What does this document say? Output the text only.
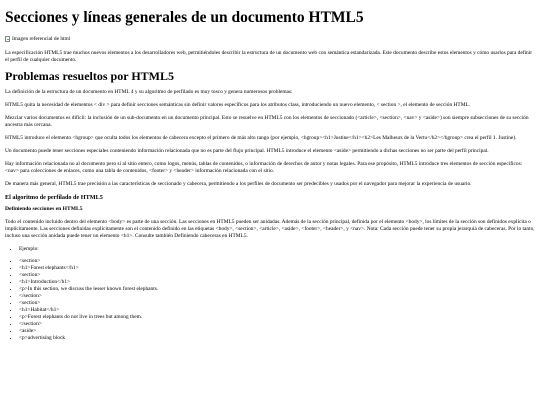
Secciones y líneas generales de un documento HTML5
Imagen referencial de html

La especificación HTML5 trae muchos nuevos elementos a los desarrolladores web, permitiéndoles describir la estructura de un documento web con semántica estandarizada. Este documento describe estos elementos y cómo usarlos para definir el perfil de cualquier documento.

Problemas resueltos por HTML5

La definición de la estructura de un documento en HTML 4 y su algoritmo de perfilado es muy tosco y genera numerosos problemas:

HTML5 quita la necesidad de elementos < div > para definir secciones semánticas sin definir valores específicos para los atributos class, introduciendo un nuevo elemento, < section >, el elemento de sección HTML.

Mezclar varios documentos es difícil: la inclusión de un sub-documento en un documento principal. Esto se resuelve en HTML5 con los elementos de seccionado (<article>, <section>, <nav> y <aside>) son siempre subsecciones de su sección ancestra más cercana.

HTML5 introduce el elemento <hgroup> que oculta todos los elementos de cabecera excepto el primero de más alto rango (por ejemplo, <hgroup><h1>Justine</h1><h2>Les Malheurs de la Vertu</h2></hgroup> crea el perfil 1. Justine).

Un documento puede tener secciones especiales conteniendo información relacionada que no es parte del flujo principal. HTML5 introduce el elemento <aside> permitiendo a dichas secciones no ser parte del perfil principal.

Hay información relacionada no al documento pero sí al sitio entero, como logos, menús, tablas de contenidos, o información de derechos de autor y notas legales. Para ese propósito, HTML5 introduce tres elementos de sección específicos: <nav> para colecciones de enlaces, como una tabla de contenidos, <footer> y <header> información relacionada con el sitio.

De manera más general, HTML5 trae precisión a las características de seccionado y cabecera, permitiendo a los perfiles de documento ser predecibles y usados por el navegador para mejorar la experiencia de usuario.

El algoritmo de perfilado de HTML5
Definiendo secciones en HTML5

Todo el contenido incluido dentro del elemento <body> es parte de una sección. Las secciones en HTML5 pueden ser anidadas. Además de la sección principal, definida por el elemento <body>, los límites de la sección son definidos explícita o implícitamente. Las secciones definidas explícitamente son el contenido definido en las etiquetas <body>, <section>, <article>, <aside>, <footer>, <header>, y <nav>. Nota: Cada sección puede tener su propia jerarquía de cabeceras. Por lo tanto, incluso una sección anidada puede tener un elemento <h1>. Consulte también Definiendo cabeceras en HTML5.

• Ejemplo:
• <section>
• <h1>Forest elephants</h1>
• <section>
• <h1>Introduction</h1>
• <p>In this section, we discuss the lesser known forest elephants.
• </section>
• <section>
• <h1>Habitat</h1>
• <p>Forest elephants do not live in trees but among them.
• </section>
• <aside>
• <p>advertising block
